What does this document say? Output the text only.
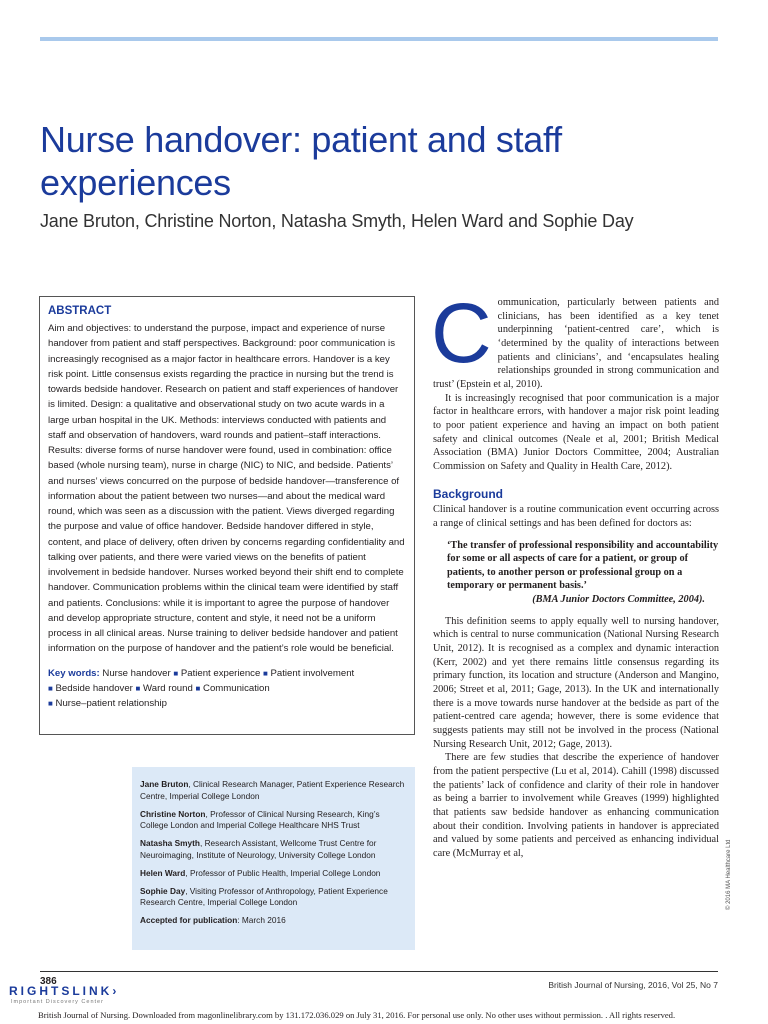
Nurse handover: patient and staff experiences
Jane Bruton, Christine Norton, Natasha Smyth, Helen Ward and Sophie Day
ABSTRACT

Aim and objectives: to understand the purpose, impact and experience of nurse handover from patient and staff perspectives. Background: poor communication is increasingly recognised as a major factor in healthcare errors. Handover is a key risk point. Little consensus exists regarding the practice in nursing but the trend is towards bedside handover. Research on patient and staff experiences of handover is limited. Design: a qualitative and observational study on two acute wards in a large urban hospital in the UK. Methods: interviews conducted with patients and staff and observation of handovers, ward rounds and patient–staff interactions. Results: diverse forms of nurse handover were found, used in combination: office based (whole nursing team), nurse in charge (NIC) to NIC, and bedside. Patients’ and nurses’ views concurred on the purpose of bedside handover—transference of information about the patient between two nurses—and about the medical ward round, which was seen as a discussion with the patient. Views diverged regarding the purpose and value of office handover. Bedside handover differed in style, content, and place of delivery, often driven by concerns regarding confidentiality and talking over patients, and there were varied views on the benefits of patient involvement in bedside handover. Nurses worked beyond their shift end to complete handover. Communication problems within the clinical team were identified by staff and patients. Conclusions: while it is important to agree the purpose of handover and develop appropriate structure, content and style, it need not be a uniform process in all clinical areas. Nurse training to deliver bedside handover and patient information on the purpose of handover and the patient’s role would be beneficial.

Key words: Nurse handover ■ Patient experience ■ Patient involvement
■ Bedside handover ■ Ward round ■ Communication
■ Nurse–patient relationship

Jane Bruton, Clinical Research Manager, Patient Experience Research Centre, Imperial College London

Christine Norton, Professor of Clinical Nursing Research, King’s College London and Imperial College Healthcare NHS Trust

Natasha Smyth, Research Assistant, Wellcome Trust Centre for Neuroimaging, Institute of Neurology, University College London

Helen Ward, Professor of Public Health, Imperial College London

Sophie Day, Visiting Professor of Anthropology, Patient Experience Research Centre, Imperial College London

Accepted for publication: March 2016

C ommunication, particularly between patients and clinicians, has been identified as a key tenet underpinning ‘patient-centred care’, which is ‘determined by the quality of interactions between patients and clinicians’, and ‘encapsulates healing relationships grounded in strong communication and trust’ (Epstein et al, 2010).

It is increasingly recognised that poor communication is a major factor in healthcare errors, with handover a major risk point leading to poor patient experience and having an impact on both patient safety and clinical outcomes (Neale et al, 2001; British Medical Association (BMA) Junior Doctors Committee, 2004; Australian Commission on Safety and Quality in Health Care, 2012).

Background

Clinical handover is a routine communication event occurring across a range of clinical settings and has been defined for doctors as:

‘The transfer of professional responsibility and accountability for some or all aspects of care for a patient, or group of patients, to another person or professional group on a temporary or permanent basis.’
(BMA Junior Doctors Committee, 2004).

This definition seems to apply equally well to nursing handover, which is central to nurse communication (National Nursing Research Unit, 2012). It is recognised as a complex and dynamic interaction (Kerr, 2002) and yet there remains little consensus regarding its primary function, its location and structure (Anderson and Mangino, 2006; Street et al, 2011; Gage, 2013). In the UK and internationally there is a move towards nurse handover at the bedside as part of the patient-centred care agenda; however, there is some evidence that suggests patients may still not be involved in the process (National Nursing Research Unit, 2012; Gage, 2013).

There are few studies that describe the experience of handover from the patient perspective (Lu et al, 2014). Cahill (1998) discussed the patients’ lack of confidence and clarity of their role in handover as being a barrier to involvement while Greaves (1999) highlighted that patients saw bedside handover as enhancing communication about their condition. Involving patients in handover is appreciated and valued by some patients and perceived as enhancing individual care (McMurray et al,	© 2016 MA Healthcare Ltd
386
RIGHTSLINK›
Important Discovery Center
British Journal of Nursing, 2016, Vol 25, No 7
British Journal of Nursing. Downloaded from magonlinelibrary.com by 131.172.036.029 on July 31, 2016. For personal use only. No other uses without permission. . All rights reserved.
